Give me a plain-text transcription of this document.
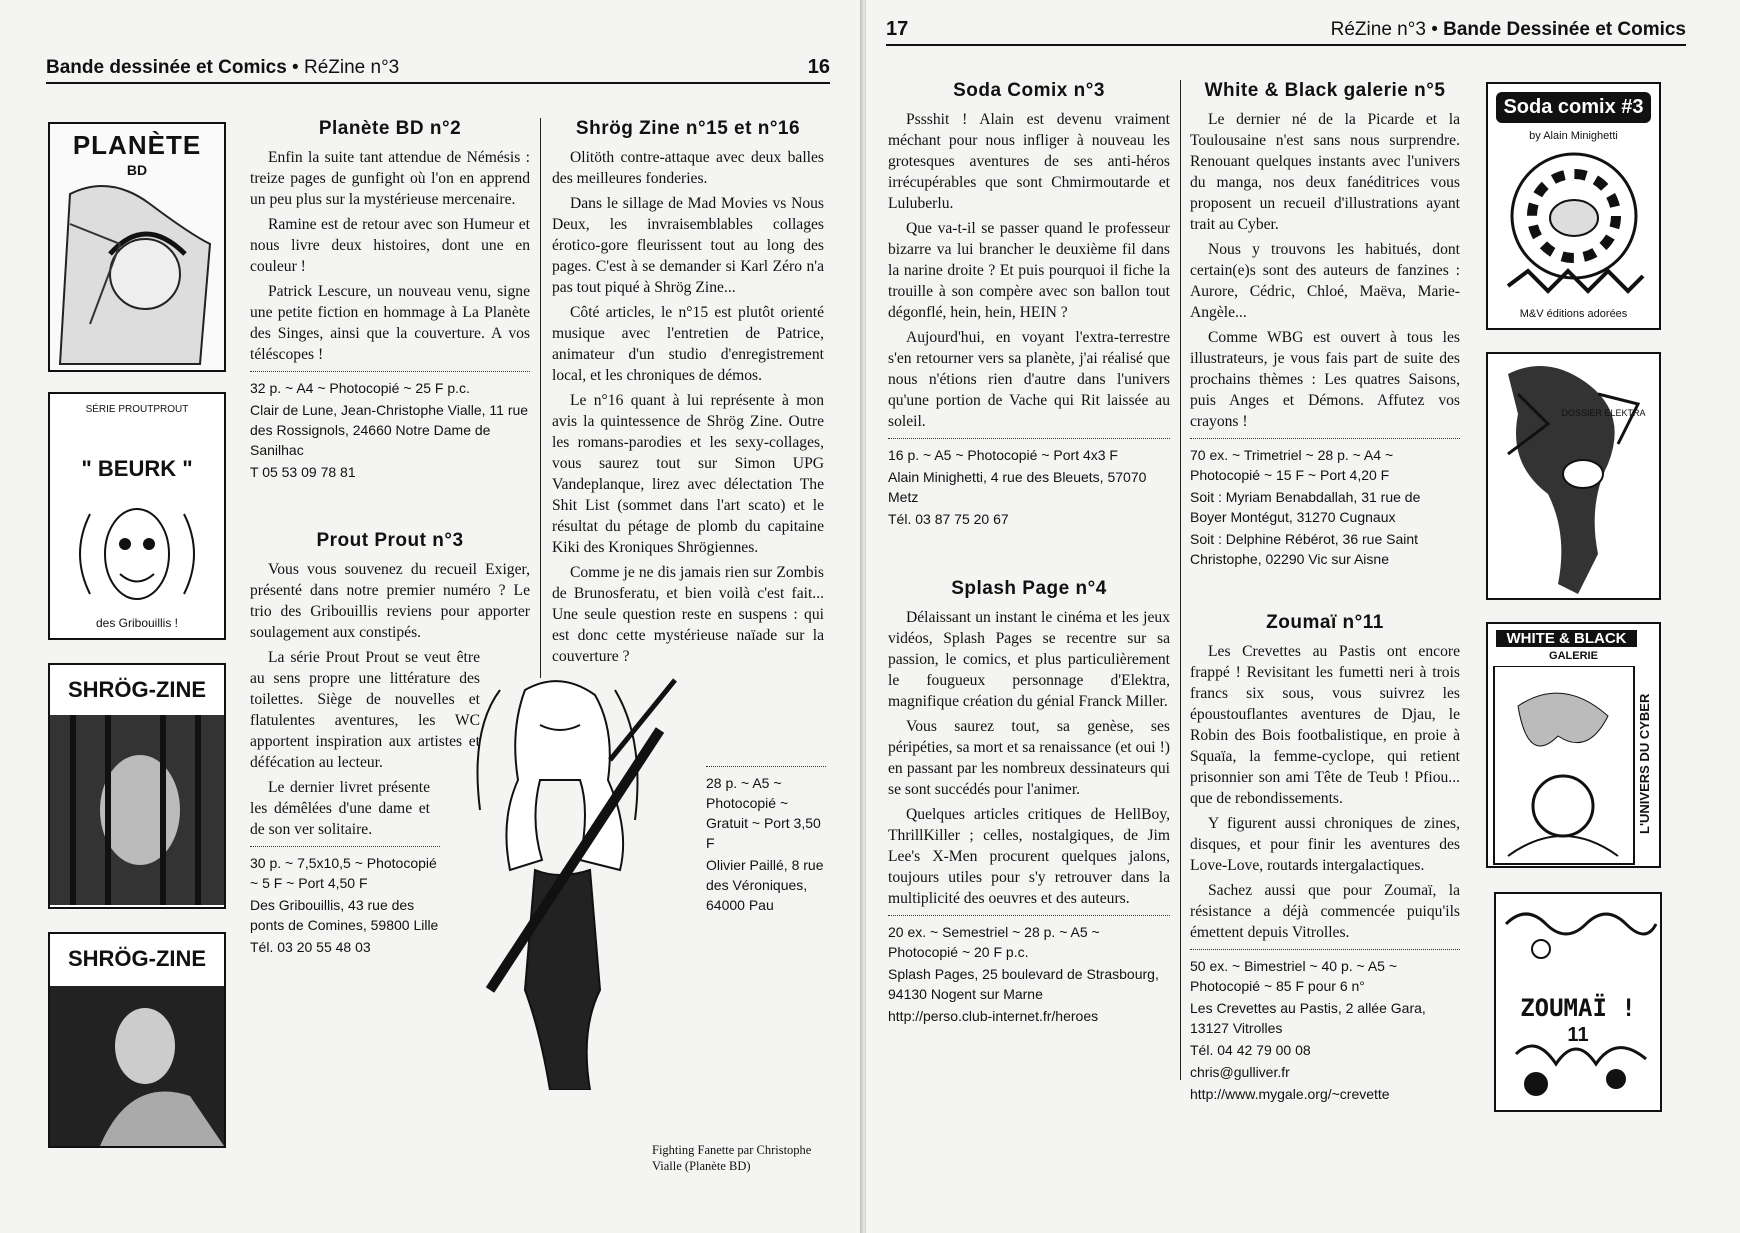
Bande dessinée et Comics • RéZine n°3	16
PLANÈTE
BD
SÉRIE PROUTPROUT
" BEURK "
des Gribouillis !
SHRÖG-ZINE
SHRÖG-ZINE
Planète BD n°2

Enfin la suite tant attendue de Némésis : treize pages de gunfight où l'on en apprend un peu plus sur la mystérieuse mercenaire.

Ramine est de retour avec son Humeur et nous livre deux histoires, dont une en couleur !

Patrick Lescure, un nouveau venu, signe une petite fiction en hommage à La Planète des Singes, ainsi que la couverture. A vos téléscopes !

32 p. ~ A4 ~ Photocopié ~ 25 F p.c.
Clair de Lune, Jean-Christophe Vialle, 11 rue des Rossignols, 24660 Notre Dame de Sanilhac
T 05 53 09 78 81
Prout Prout n°3

Vous vous souvenez du recueil Exiger, présenté dans notre premier numéro ? Le trio des Gribouillis reviens pour apporter soulagement aux constipés.

La série Prout Prout se veut être au sens propre une littérature des toilettes. Siège de nouvelles et flatulentes aventures, les WC apportent inspiration aux artistes et défécation au lecteur.

Le dernier livret présente les démêlées d'une dame et de son ver solitaire.

30 p. ~ 7,5x10,5 ~ Photocopié ~ 5 F ~ Port 4,50 F
Des Gribouillis, 43 rue des ponts de Comines, 59800 Lille
Tél. 03 20 55 48 03
Shrög Zine n°15 et n°16

Olitöth contre-attaque avec deux balles des meilleures fonderies.

Dans le sillage de Mad Movies vs Nous Deux, les invraisemblables collages érotico-gore fleurissent tout au long des pages. C'est à se demander si Karl Zéro n'a pas tout piqué à Shrög Zine...

Côté articles, le n°15 est plutôt orienté musique avec l'entretien de Patrice, animateur d'un studio d'enregistrement local, et les chroniques de démos.

Le n°16 quant à lui représente à mon avis la quintessence de Shrög Zine. Outre les romans-parodies et les sexy-collages, vous saurez tout sur Simon UPG Vandeplanque, lirez avec délectation The Shit List (sommet dans l'art scato) et le résultat du pétage de plomb du capitaine Kiki des Kroniques Shrögiennes.

Comme je ne dis jamais rien sur Zombis de Brunosferatu, et bien voilà c'est fait... Une seule question reste en suspens : qui est donc cette mystérieuse naïade sur la couverture ?

28 p. ~ A5 ~ Photocopié ~ Gratuit ~ Port 3,50 F
Olivier Paillé, 8 rue des Véroniques, 64000 Pau
Fighting Fanette par Christophe Vialle (Planète BD)
17	RéZine n°3 • Bande Dessinée et Comics
Soda Comix n°3

Pssshit ! Alain est devenu vraiment méchant pour nous infliger à nouveau les grotesques aventures de ses anti-héros irrécupérables que sont Chmirmoutarde et Luluberlu.

Que va-t-il se passer quand le professeur bizarre va lui brancher le deuxième fil dans la narine droite ? Et puis pourquoi il fiche la trouille à son compère avec son ballon tout dégonflé, hein, hein, HEIN ?

Aujourd'hui, en voyant l'extra-terrestre s'en retourner vers sa planète, j'ai réalisé que nous n'étions rien d'autre dans l'univers qu'une portion de Vache qui Rit laissée au soleil.

16 p. ~ A5 ~ Photocopié ~ Port 4x3 F
Alain Minighetti, 4 rue des Bleuets, 57070 Metz
Tél. 03 87 75 20 67
Splash Page n°4

Délaissant un instant le cinéma et les jeux vidéos, Splash Pages se recentre sur sa passion, le comics, et plus particulièrement le fougueux personnage d'Elektra, magnifique création du génial Franck Miller.

Vous saurez tout, sa genèse, ses péripéties, sa mort et sa renaissance (et oui !) en passant par les nombreux dessinateurs qui se sont succédés pour l'animer.

Quelques articles critiques de HellBoy, ThrillKiller ; celles, nostalgiques, de Jim Lee's X-Men procurent quelques jalons, toujours utiles pour s'y retrouver dans la multiplicité des oeuvres et des auteurs.

20 ex. ~ Semestriel ~ 28 p. ~ A5 ~ Photocopié ~ 20 F p.c.
Splash Pages, 25 boulevard de Strasbourg, 94130 Nogent sur Marne
http://perso.club-internet.fr/heroes
White & Black galerie n°5

Le dernier né de la Picarde et la Toulousaine n'est sans nous surprendre. Renouant quelques instants avec l'univers du manga, nos deux fanéditrices vous proposent un recueil d'illustrations ayant trait au Cyber.

Nous y trouvons les habitués, dont certain(e)s sont des auteurs de fanzines : Aurore, Cédric, Chloé, Maëva, Marie-Angèle...

Comme WBG est ouvert à tous les illustrateurs, je vous fais part de suite des prochains thèmes : Les quatres Saisons, puis Anges et Démons. Affutez vos crayons !

70 ex. ~ Trimetriel ~ 28 p. ~ A4 ~ Photocopié ~ 15 F ~ Port 4,20 F
Soit : Myriam Benabdallah, 31 rue de Boyer Montégut, 31270 Cugnaux
Soit : Delphine Rébérot, 36 rue Saint Christophe, 02290 Vic sur Aisne
Zoumaï n°11

Les Crevettes au Pastis ont encore frappé ! Revisitant les fumetti neri à trois francs six sous, vous suivrez les époustouflantes aventures de Djau, le Robin des Bois footbalistique, en proie à Squaïa, la femme-cyclope, qui retient prisonnier son ami Tête de Teub ! Pfiou... que de rebondissements.

Y figurent aussi chroniques de zines, disques, et pour finir les aventures des Love-Love, routards intergalactiques.

Sachez aussi que pour Zoumaï, la résistance a déjà commencée puiqu'ils émettent depuis Vitrolles.

50 ex. ~ Bimestriel ~ 40 p. ~ A5 ~ Photocopié ~ 85 F pour 6 n°
Les Crevettes au Pastis, 2 allée Gara, 13127 Vitrolles
Tél. 04 42 79 00 08
chris@gulliver.fr
http://www.mygale.org/~crevette
Soda comix #3
by Alain Minighetti
M&V éditions adorées
DOSSIER ELEKTRA
WHITE & BLACK
GALERIE
L'UNIVERS DU CYBER
ZOUMAÏ !
11
